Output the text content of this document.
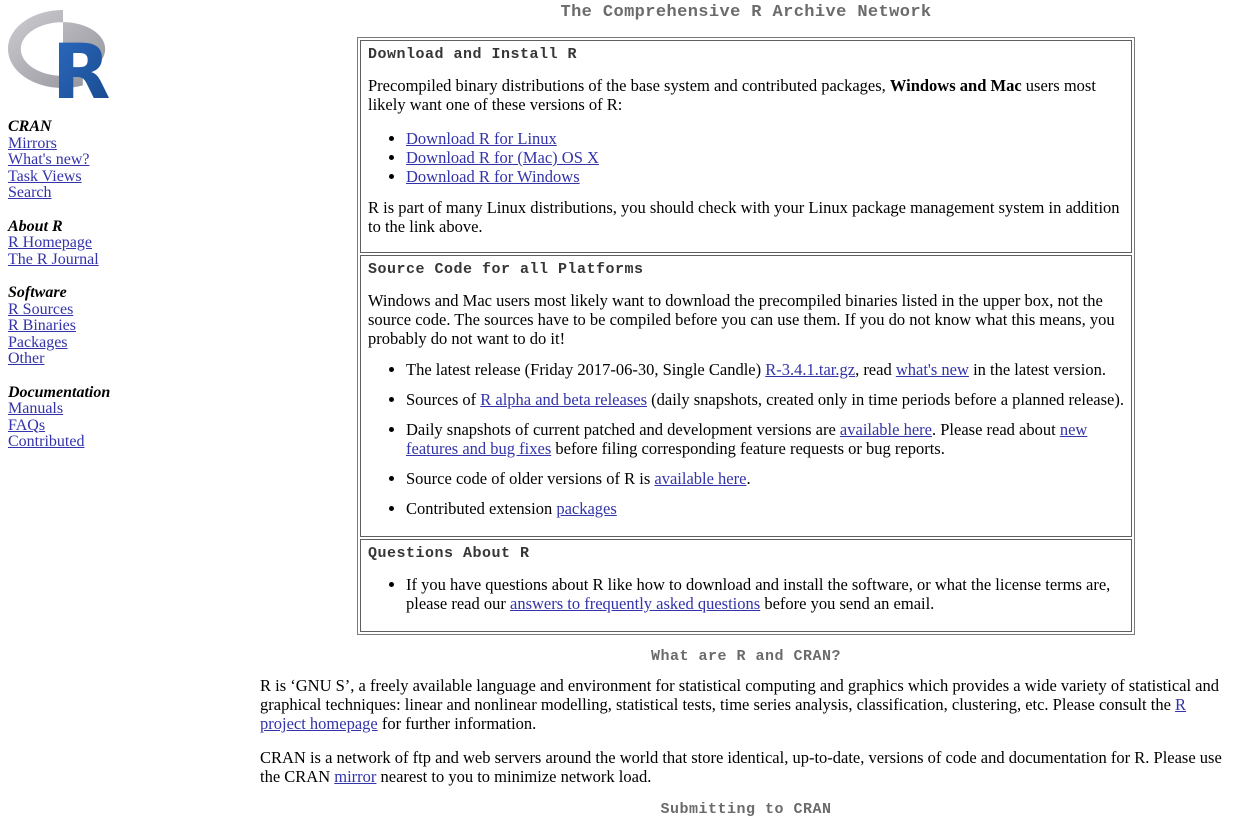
R
CRAN
Mirrors
What's new?
Task Views
Search
About R
R Homepage
The R Journal
Software
R Sources
R Binaries
Packages
Other
Documentation
Manuals
FAQs
Contributed
The Comprehensive R Archive Network
Download and Install R

Precompiled binary distributions of the base system and contributed packages, Windows and Mac users most likely want one of these versions of R:

• Download R for Linux
• Download R for (Mac) OS X
• Download R for Windows

R is part of many Linux distributions, you should check with your Linux package management system in addition to the link above.

Source Code for all Platforms

Windows and Mac users most likely want to download the precompiled binaries listed in the upper box, not the source code. The sources have to be compiled before you can use them. If you do not know what this means, you probably do not want to do it!

• The latest release (Friday 2017-06-30, Single Candle) R-3.4.1.tar.gz, read what's new in the latest version.
• Sources of R alpha and beta releases (daily snapshots, created only in time periods before a planned release).
• Daily snapshots of current patched and development versions are available here. Please read about new features and bug fixes before filing corresponding feature requests or bug reports.
• Source code of older versions of R is available here.
• Contributed extension packages
Questions About R
• If you have questions about R like how to download and install the software, or what the license terms are, please read our answers to frequently asked questions before you send an email.
What are R and CRAN?

R is ‘GNU S’, a freely available language and environment for statistical computing and graphics which provides a wide variety of statistical and graphical techniques: linear and nonlinear modelling, statistical tests, time series analysis, classification, clustering, etc. Please consult the R project homepage for further information.

CRAN is a network of ftp and web servers around the world that store identical, up-to-date, versions of code and documentation for R. Please use the CRAN mirror nearest to you to minimize network load.

Submitting to CRAN
